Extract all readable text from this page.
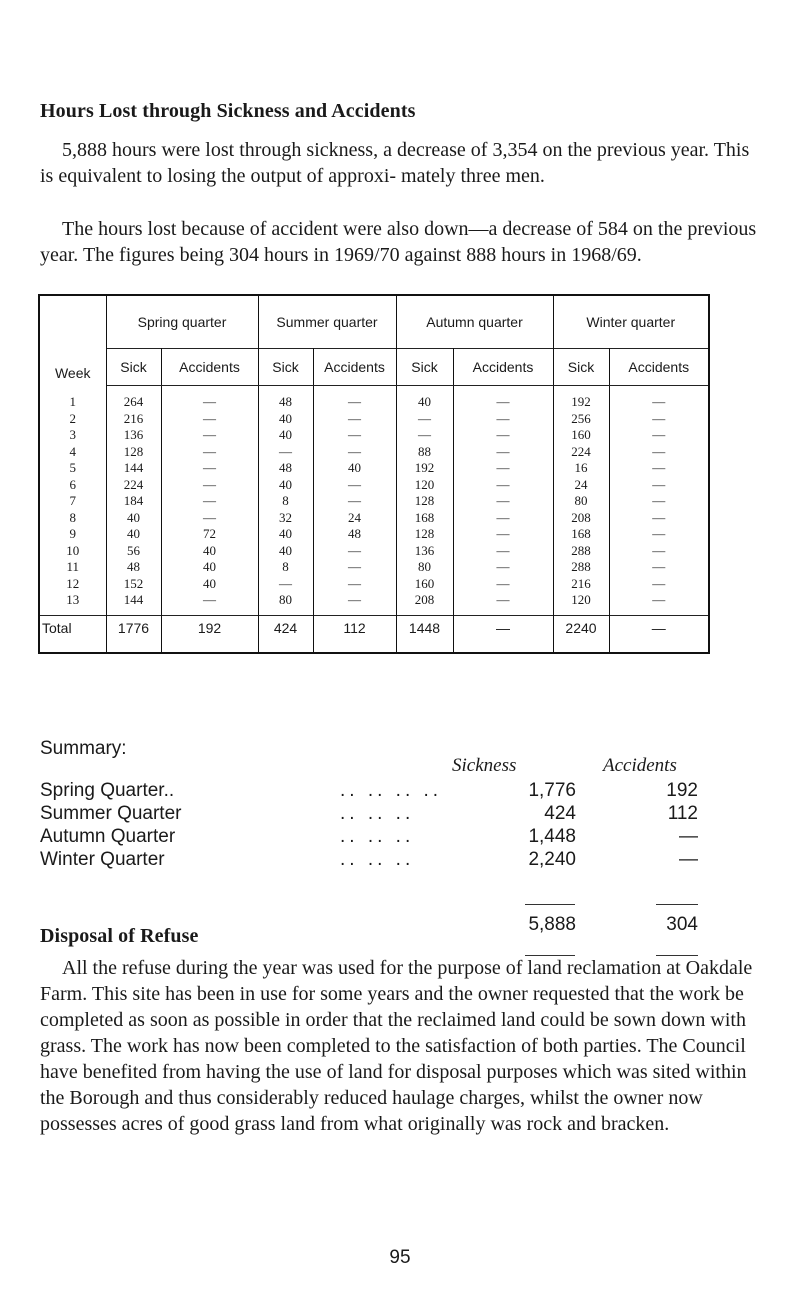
Hours Lost through Sickness and Accidents

5,888 hours were lost through sickness, a decrease of 3,354 on the previous year. This is equivalent to losing the output of approxi- mately three men.

The hours lost because of accident were also down—a decrease of 584 on the previous year. The figures being 304 hours in 1969/70 against 888 hours in 1968/69.

Week	Spring quarter		Summer quarter		Autumn quarter		Winter quarter	
	Sick	Accidents	Sick	Accidents	Sick	Accidents	Sick	Accidents
1	264	—	48	—	40	—	192	—
2	216	—	40	—	—	—	256	—
3	136	—	40	—	—	—	160	—
4	128	—	—	—	88	—	224	—
5	144	—	48	40	192	—	16	—
6	224	—	40	—	120	—	24	—
7	184	—	8	—	128	—	80	—
8	40	—	32	24	168	—	208	—
9	40	72	40	48	128	—	168	—
10	56	40	40	—	136	—	288	—
11	48	40	8	—	80	—	288	—
12	152	40	—	—	160	—	216	—
13	144	—	80	—	208	—	120	—
Total	1776	192	424	112	1448	—	2240	—

Summary:

Sickness	Accidents
Spring Quarter..	.. .. .. ..	1,776	192
Summer Quarter	.. .. ..	424	112
Autumn Quarter	.. .. ..	1,448	—
Winter Quarter	.. .. ..	2,240	—
5,888	304
Disposal of Refuse

All the refuse during the year was used for the purpose of land reclamation at Oakdale Farm. This site has been in use for some years and the owner requested that the work be completed as soon as possible in order that the reclaimed land could be sown down with grass. The work has now been completed to the satisfaction of both parties. The Council have benefited from having the use of land for disposal purposes which was sited within the Borough and thus considerably reduced haulage charges, whilst the owner now possesses acres of good grass land from what originally was rock and bracken.

95
